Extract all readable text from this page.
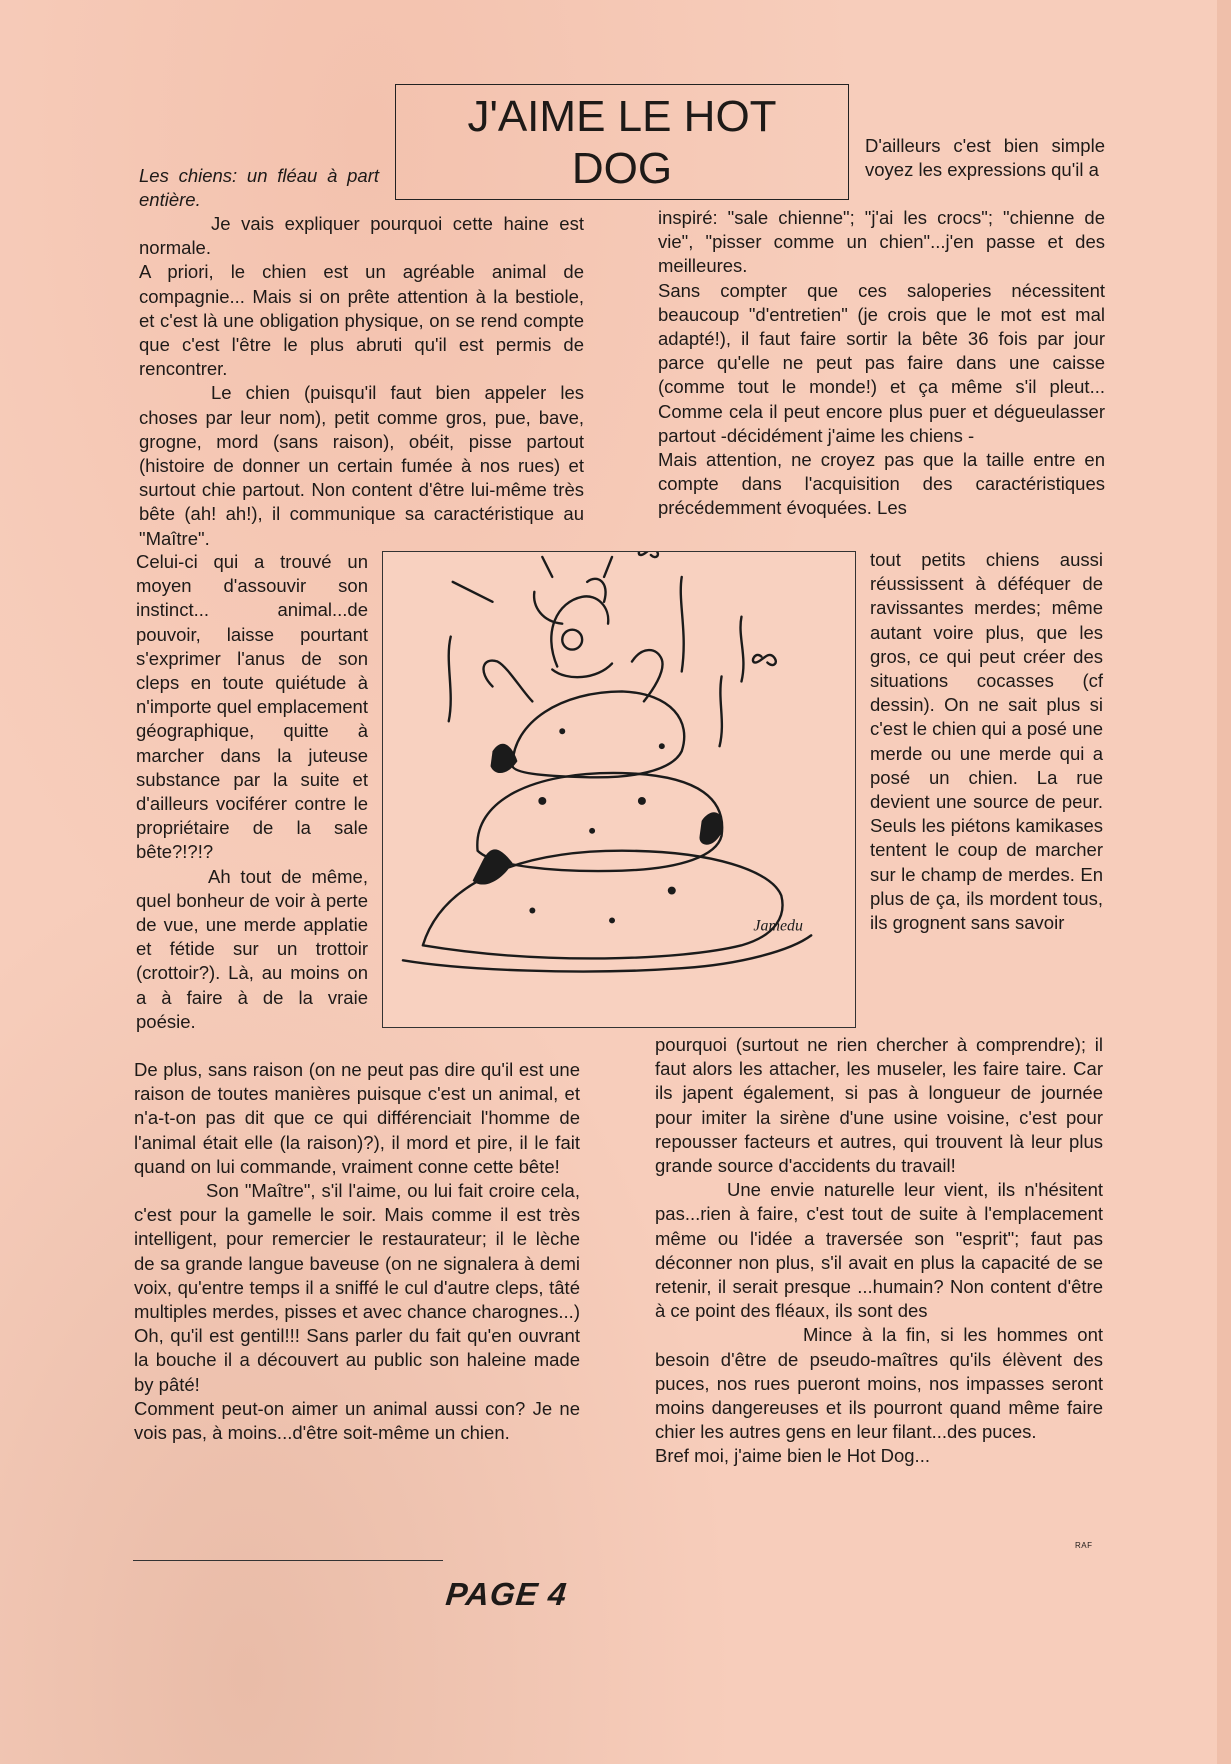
J'AIME LE HOT
DOG
Les chiens: un fléau à part entière.

Je vais expliquer pourquoi cette haine est normale.

A priori, le chien est un agréable animal de compagnie... Mais si on prête attention à la bestiole, et c'est là une obligation physique, on se rend compte que c'est l'être le plus abruti qu'il est permis de rencontrer.

Le chien (puisqu'il faut bien appeler les choses par leur nom), petit comme gros, pue, bave, grogne, mord (sans raison), obéit, pisse partout (histoire de donner un certain fumée à nos rues) et surtout chie partout. Non content d'être lui-même très bête (ah! ah!), il communique sa caractéristique au "Maître".

Celui-ci qui a trouvé un moyen d'assouvir son instinct... animal...de pouvoir, laisse pourtant s'exprimer l'anus de son cleps en toute quiétude à n'importe quel emplacement géographique, quitte à marcher dans la juteuse substance par la suite et d'ailleurs vociférer contre le propriétaire de la sale bête?!?!?

Ah tout de même, quel bonheur de voir à perte de vue, une merde applatie et fétide sur un trottoir (crottoir?). Là, au moins on a à faire à de la vraie poésie.

De plus, sans raison (on ne peut pas dire qu'il est une raison de toutes manières puisque c'est un animal, et n'a-t-on pas dit que ce qui différenciait l'homme de l'animal était elle (la raison)?), il mord et pire, il le fait quand on lui commande, vraiment conne cette bête!

Son "Maître", s'il l'aime, ou lui fait croire cela, c'est pour la gamelle le soir. Mais comme il est très intelligent, pour remercier le restaurateur; il le lèche de sa grande langue baveuse (on ne signalera à demi voix, qu'entre temps il a sniffé le cul d'autre cleps, tâté multiples merdes, pisses et avec chance charognes...) Oh, qu'il est gentil!!! Sans parler du fait qu'en ouvrant la bouche il a découvert au public son haleine made by pâté!

Comment peut-on aimer un animal aussi con? Je ne vois pas, à moins...d'être soit-même un chien.

D'ailleurs c'est bien simple voyez les expressions qu'il a

inspiré: "sale chienne"; "j'ai les crocs"; "chienne de vie", "pisser comme un chien"...j'en passe et des meilleures.

Sans compter que ces saloperies nécessitent beaucoup "d'entretien" (je crois que le mot est mal adapté!), il faut faire sortir la bête 36 fois par jour parce qu'elle ne peut pas faire dans une caisse (comme tout le monde!) et ça même s'il pleut... Comme cela il peut encore plus puer et dégueulasser partout -décidément j'aime les chiens -

Mais attention, ne croyez pas que la taille entre en compte dans l'acquisition des caractéristiques précédemment évoquées. Les

tout petits chiens aussi réussissent à déféquer de ravissantes merdes; même autant voire plus, que les gros, ce qui peut créer des situations cocasses (cf dessin). On ne sait plus si c'est le chien qui a posé une merde ou une merde qui a posé un chien. La rue devient une source de peur. Seuls les piétons kamikases tentent le coup de marcher sur le champ de merdes. En plus de ça, ils mordent tous, ils grognent sans savoir

pourquoi (surtout ne rien chercher à comprendre); il faut alors les attacher, les museler, les faire taire. Car ils japent également, si pas à longueur de journée pour imiter la sirène d'une usine voisine, c'est pour repousser facteurs et autres, qui trouvent là leur plus grande source d'accidents du travail!

Une envie naturelle leur vient, ils n'hésitent pas...rien à faire, c'est tout de suite à l'emplacement même ou l'idée a traversée son "esprit"; faut pas déconner non plus, s'il avait en plus la capacité de se retenir, il serait presque ...humain? Non content d'être à ce point des fléaux, ils sont des

Mince à la fin, si les hommes ont besoin d'être de pseudo-maîtres qu'ils élèvent des puces, nos rues pueront moins, nos impasses seront moins dangereuses et ils pourront quand même faire chier les autres gens en leur filant...des puces.

Bref moi, j'aime bien le Hot Dog...

Jamedu
PAGE 4
RAF
